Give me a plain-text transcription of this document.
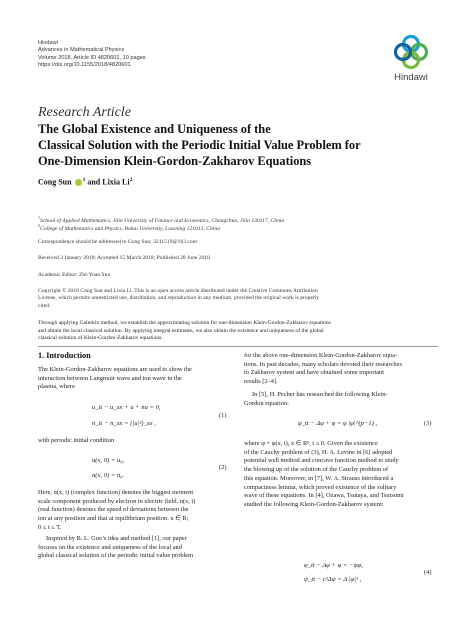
Hindawi
Advances in Mathematical Physics
Volume 2018, Article ID 4820601, 10 pages
https://doi.org/10.1155/2018/4820601
Hindawi
Research Article
The Global Existence and Uniqueness of the
Classical Solution with the Periodic Initial Value Problem for
One-Dimension Klein-Gordon-Zakharov Equations
Cong Sun $^1$ and Lixia Li$^2$
$^1$School of Applied Mathematics, Jilin University of Finance and Economics, Changchun, Jilin 130117, China
$^2$College of Mathematics and Physics, Bohai University, Liaoning 121013, China
Correspondence should be addressed to Cong Sun; 3211519@163.com
Received 2 January 2018; Accepted 15 March 2018; Published 28 June 2018
Academic Editor: Zhi-Yuan Sun
Copyright © 2018 Cong Sun and Lixia Li. This is an open access article distributed under the Creative Commons Attribution
License, which permits unrestricted use, distribution, and reproduction in any medium, provided the original work is properly
cited.
Through applying Galerkin method, we establish the approximating solution for one-dimension Klein-Gordon-Zakharov equations
and obtain the local classical solution. By applying integral estimates, we also obtain the existence and uniqueness of the global
classical solution of Klein-Gordon-Zakharov equations.
1. Introduction
The Klein-Gordon-Zakharov equations are used to show the
interaction between Langmuir wave and ion wave in the
plasma, where
u_tt − u_xx + u + nu = 0,
n_tt − n_xx = (|u|²)_xx ,
(1)
with periodic initial condition
u(x, 0) = u₀,
n(x, 0) = n₀.
(2)
Here, u(x, t) (complex function) denotes the biggest moment
scale component produced by electron in electric field. n(x, t)
(real function) denotes the speed of deviations between the
ion at any position and that at equilibrium position. x ∈ R;
0 ≤ t ≤ T.
Inspired by B. L. Guo’s idea and method [1], our paper
focuses on the existence and uniqueness of the local and
global classical solution of the periodic initial value problem
for the above one-dimension Klein-Gordon-Zakharov equa-
tions. In past decades, many scholars devoted their researches
to Zakharov system and have obtained some important
results [2–4].
In [5], H. Pecher has researched the following Klein-
Gordon equation:
φ_tt − Δφ + φ = φ |φ|^(p−1) ,	(3)
where φ = φ(x, t), x ∈ Rⁿ, t ≥ 0. Given the existence
of the Cauchy problem of (3), H. A. Levine in [6] adopted
potential well method and concave function method to study
the blowing up of the solution of the Cauchy problem of
this equation. Moreover, in [7], W. A. Strauss introduced a
compactness lemma, which proved existence of the solitary
wave of these equations. In [4], Ozawa, Tsutaya, and Tsutsumi
studied the following Klein-Gordon-Zakharov system:
φ_tt − Δφ + φ = −ψφ,
ψ_tt − c²Δψ = Δ |φ|² ,
(4)
